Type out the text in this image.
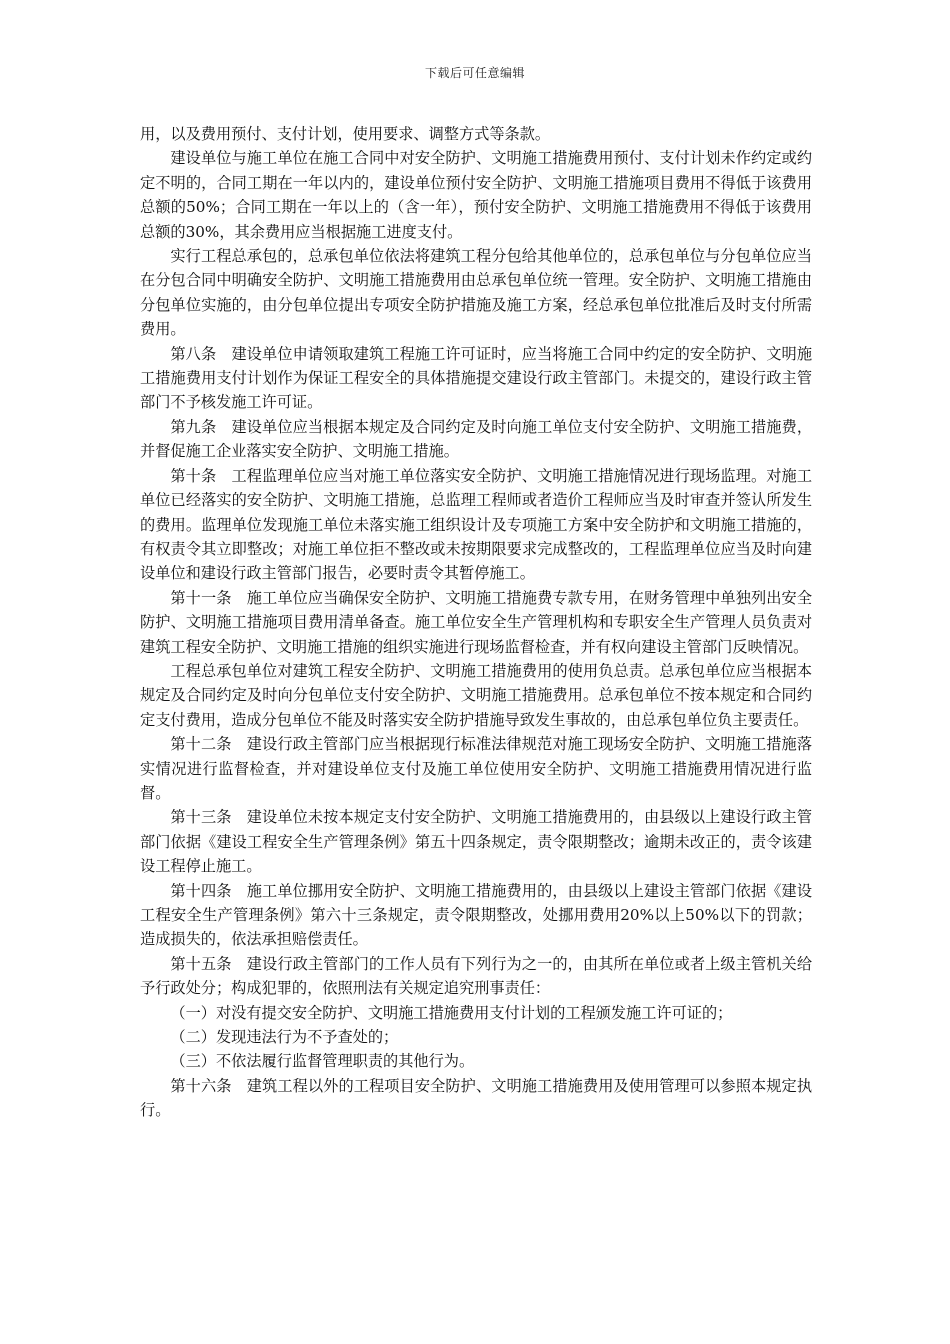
下载后可任意编辑

用，以及费用预付、支付计划，使用要求、调整方式等条款。

建设单位与施工单位在施工合同中对安全防护、文明施工措施费用预付、支付计划未作约定或约定不明的，合同工期在一年以内的，建设单位预付安全防护、文明施工措施项目费用不得低于该费用总额的50%；合同工期在一年以上的（含一年），预付安全防护、文明施工措施费用不得低于该费用总额的30%，其余费用应当根据施工进度支付。

实行工程总承包的，总承包单位依法将建筑工程分包给其他单位的，总承包单位与分包单位应当在分包合同中明确安全防护、文明施工措施费用由总承包单位统一管理。安全防护、文明施工措施由分包单位实施的，由分包单位提出专项安全防护措施及施工方案，经总承包单位批准后及时支付所需费用。

第八条　建设单位申请领取建筑工程施工许可证时，应当将施工合同中约定的安全防护、文明施工措施费用支付计划作为保证工程安全的具体措施提交建设行政主管部门。未提交的，建设行政主管部门不予核发施工许可证。

第九条　建设单位应当根据本规定及合同约定及时向施工单位支付安全防护、文明施工措施费，并督促施工企业落实安全防护、文明施工措施。

第十条　工程监理单位应当对施工单位落实安全防护、文明施工措施情况进行现场监理。对施工单位已经落实的安全防护、文明施工措施，总监理工程师或者造价工程师应当及时审查并签认所发生的费用。监理单位发现施工单位未落实施工组织设计及专项施工方案中安全防护和文明施工措施的，有权责令其立即整改；对施工单位拒不整改或未按期限要求完成整改的，工程监理单位应当及时向建设单位和建设行政主管部门报告，必要时责令其暂停施工。

第十一条　施工单位应当确保安全防护、文明施工措施费专款专用，在财务管理中单独列出安全防护、文明施工措施项目费用清单备查。施工单位安全生产管理机构和专职安全生产管理人员负责对建筑工程安全防护、文明施工措施的组织实施进行现场监督检查，并有权向建设主管部门反映情况。

工程总承包单位对建筑工程安全防护、文明施工措施费用的使用负总责。总承包单位应当根据本规定及合同约定及时向分包单位支付安全防护、文明施工措施费用。总承包单位不按本规定和合同约定支付费用，造成分包单位不能及时落实安全防护措施导致发生事故的，由总承包单位负主要责任。

第十二条　建设行政主管部门应当根据现行标准法律规范对施工现场安全防护、文明施工措施落实情况进行监督检查，并对建设单位支付及施工单位使用安全防护、文明施工措施费用情况进行监督。

第十三条　建设单位未按本规定支付安全防护、文明施工措施费用的，由县级以上建设行政主管部门依据《建设工程安全生产管理条例》第五十四条规定，责令限期整改；逾期未改正的，责令该建设工程停止施工。

第十四条　施工单位挪用安全防护、文明施工措施费用的，由县级以上建设主管部门依据《建设工程安全生产管理条例》第六十三条规定，责令限期整改，处挪用费用20%以上50%以下的罚款；造成损失的，依法承担赔偿责任。

第十五条　建设行政主管部门的工作人员有下列行为之一的，由其所在单位或者上级主管机关给予行政处分；构成犯罪的，依照刑法有关规定追究刑事责任：

（一）对没有提交安全防护、文明施工措施费用支付计划的工程颁发施工许可证的；

（二）发现违法行为不予查处的；

（三）不依法履行监督管理职责的其他行为。

第十六条　建筑工程以外的工程项目安全防护、文明施工措施费用及使用管理可以参照本规定执行。
